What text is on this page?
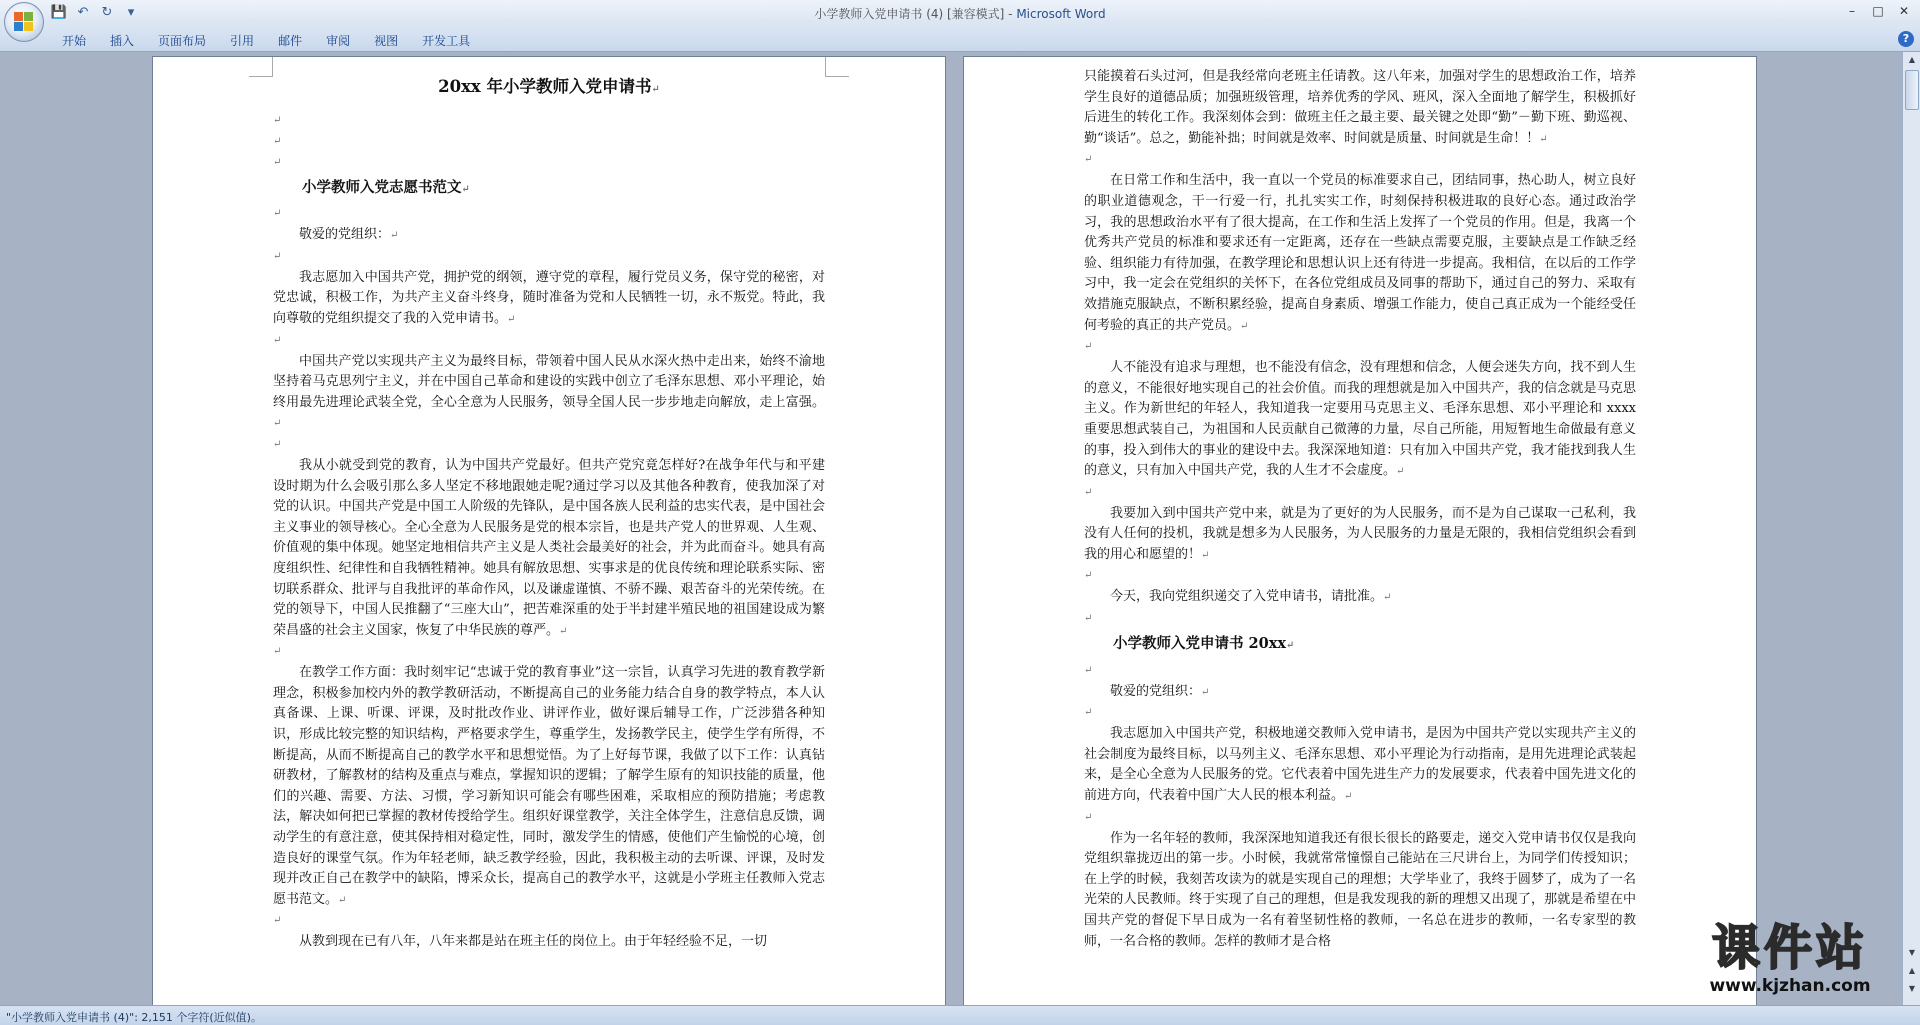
💾 ↶ ↻	▾	小学教师入党申请书 (4) [兼容模式] - Microsoft Word	–	□	✕
开始	插入	页面布局	引用	邮件	审阅	视图	开发工具	?
20xx 年小学教师入党申请书 ↵
↵
↵
↵
小学教师入党志愿书范文 ↵
↵

敬爱的党组织： ↵

↵

我志愿加入中国共产党，拥护党的纲领，遵守党的章程，履行党员义务，保守党的秘密，对党忠诚，积极工作，为共产主义奋斗终身，随时准备为党和人民牺牲一切，永不叛党。特此，我向尊敬的党组织提交了我的入党申请书。 ↵

↵

中国共产党以实现共产主义为最终目标，带领着中国人民从水深火热中走出来，始终不渝地坚持着马克思列宁主义，并在中国自己革命和建设的实践中创立了毛泽东思想、邓小平理论，始终用最先进理论武装全党，全心全意为人民服务，领导全国人民一步步地走向解放，走上富强。 ↵

↵

我从小就受到党的教育，认为中国共产党最好。但共产党究竟怎样好?在战争年代与和平建设时期为什么会吸引那么多人坚定不移地跟她走呢?通过学习以及其他各种教育，使我加深了对党的认识。中国共产党是中国工人阶级的先锋队，是中国各族人民利益的忠实代表，是中国社会主义事业的领导核心。全心全意为人民服务是党的根本宗旨，也是共产党人的世界观、人生观、价值观的集中体现。她坚定地相信共产主义是人类社会最美好的社会，并为此而奋斗。她具有高度组织性、纪律性和自我牺牲精神。她具有解放思想、实事求是的优良传统和理论联系实际、密切联系群众、批评与自我批评的革命作风，以及谦虚谨慎、不骄不躁、艰苦奋斗的光荣传统。在党的领导下，中国人民推翻了“三座大山”，把苦难深重的处于半封建半殖民地的祖国建设成为繁荣昌盛的社会主义国家，恢复了中华民族的尊严。 ↵

↵

在教学工作方面：我时刻牢记“忠诚于党的教育事业”这一宗旨，认真学习先进的教育教学新理念，积极参加校内外的教学教研活动，不断提高自己的业务能力结合自身的教学特点，本人认真备课、上课、听课、评课，及时批改作业、讲评作业，做好课后辅导工作，广泛涉猎各种知识，形成比较完整的知识结构，严格要求学生，尊重学生，发扬教学民主，使学生学有所得，不断提高，从而不断提高自己的教学水平和思想觉悟。为了上好每节课，我做了以下工作：认真钻研教材，了解教材的结构及重点与难点，掌握知识的逻辑；了解学生原有的知识技能的质量，他们的兴趣、需要、方法、习惯，学习新知识可能会有哪些困难，采取相应的预防措施；考虑教法，解决如何把已掌握的教材传授给学生。组织好课堂教学，关注全体学生，注意信息反馈，调动学生的有意注意，使其保持相对稳定性，同时，激发学生的情感，使他们产生愉悦的心境，创造良好的课堂气氛。作为年轻老师，缺乏教学经验，因此，我积极主动的去听课、评课，及时发现并改正自己在教学中的缺陷，博采众长，提高自己的教学水平，这就是小学班主任教师入党志愿书范文。 ↵

↵

从教到现在已有八年，八年来都是站在班主任的岗位上。由于年轻经验不足，一切

只能摸着石头过河，但是我经常向老班主任请教。这八年来，加强对学生的思想政治工作，培养学生良好的道德品质；加强班级管理，培养优秀的学风、班风，深入全面地了解学生，积极抓好后进生的转化工作。我深刻体会到：做班主任之最主要、最关键之处即“勤”－勤下班、勤巡视、勤“谈话”。总之，勤能补拙；时间就是效率、时间就是质量、时间就是生命！！ ↵

↵

在日常工作和生活中，我一直以一个党员的标准要求自己，团结同事，热心助人，树立良好的职业道德观念，干一行爱一行，扎扎实实工作，时刻保持积极进取的良好心态。通过政治学习，我的思想政治水平有了很大提高，在工作和生活上发挥了一个党员的作用。但是，我离一个优秀共产党员的标准和要求还有一定距离，还存在一些缺点需要克服，主要缺点是工作缺乏经验、组织能力有待加强，在教学理论和思想认识上还有待进一步提高。我相信，在以后的工作学习中，我一定会在党组织的关怀下，在各位党组成员及同事的帮助下，通过自己的努力、采取有效措施克服缺点，不断积累经验，提高自身素质、增强工作能力，使自己真正成为一个能经受任何考验的真正的共产党员。 ↵

↵

人不能没有追求与理想，也不能没有信念，没有理想和信念，人便会迷失方向，找不到人生的意义，不能很好地实现自己的社会价值。而我的理想就是加入中国共产，我的信念就是马克思主义。作为新世纪的年轻人，我知道我一定要用马克思主义、毛泽东思想、邓小平理论和 xxxx 重要思想武装自己，为祖国和人民贡献自己微薄的力量，尽自己所能，用短暂地生命做最有意义的事，投入到伟大的事业的建设中去。我深深地知道：只有加入中国共产党，我才能找到我人生的意义，只有加入中国共产党，我的人生才不会虚度。 ↵

↵

我要加入到中国共产党中来，就是为了更好的为人民服务，而不是为自己谋取一己私利，我没有人任何的投机，我就是想多为人民服务，为人民服务的力量是无限的，我相信党组织会看到我的用心和愿望的！ ↵

↵

今天，我向党组织递交了入党申请书，请批准。 ↵

↵
小学教师入党申请书 20xx ↵
↵

敬爱的党组织： ↵

↵

我志愿加入中国共产党，积极地递交教师入党申请书，是因为中国共产党以实现共产主义的社会制度为最终目标，以马列主义、毛泽东思想、邓小平理论为行动指南，是用先进理论武装起来，是全心全意为人民服务的党。它代表着中国先进生产力的发展要求，代表着中国先进文化的前进方向，代表着中国广大人民的根本利益。 ↵

↵

作为一名年轻的教师，我深深地知道我还有很长很长的路要走，递交入党申请书仅仅是我向党组织靠拢迈出的第一步。小时候，我就常常憧憬自己能站在三尺讲台上，为同学们传授知识；在上学的时候，我刻苦攻读为的就是实现自己的理想；大学毕业了，我终于圆梦了，成为了一名光荣的人民教师。终于实现了自己的理想，但是我发现我的新的理想又出现了，那就是希望在中国共产党的督促下早日成为一名有着坚韧性格的教师，一名总在进步的教师，一名专家型的教师，一名合格的教师。怎样的教师才是合格

▲
▼
▲
▼
"小学教师入党申请书 (4)": 2,151 个字符(近似值)。
课件站
www.kjzhan.com
